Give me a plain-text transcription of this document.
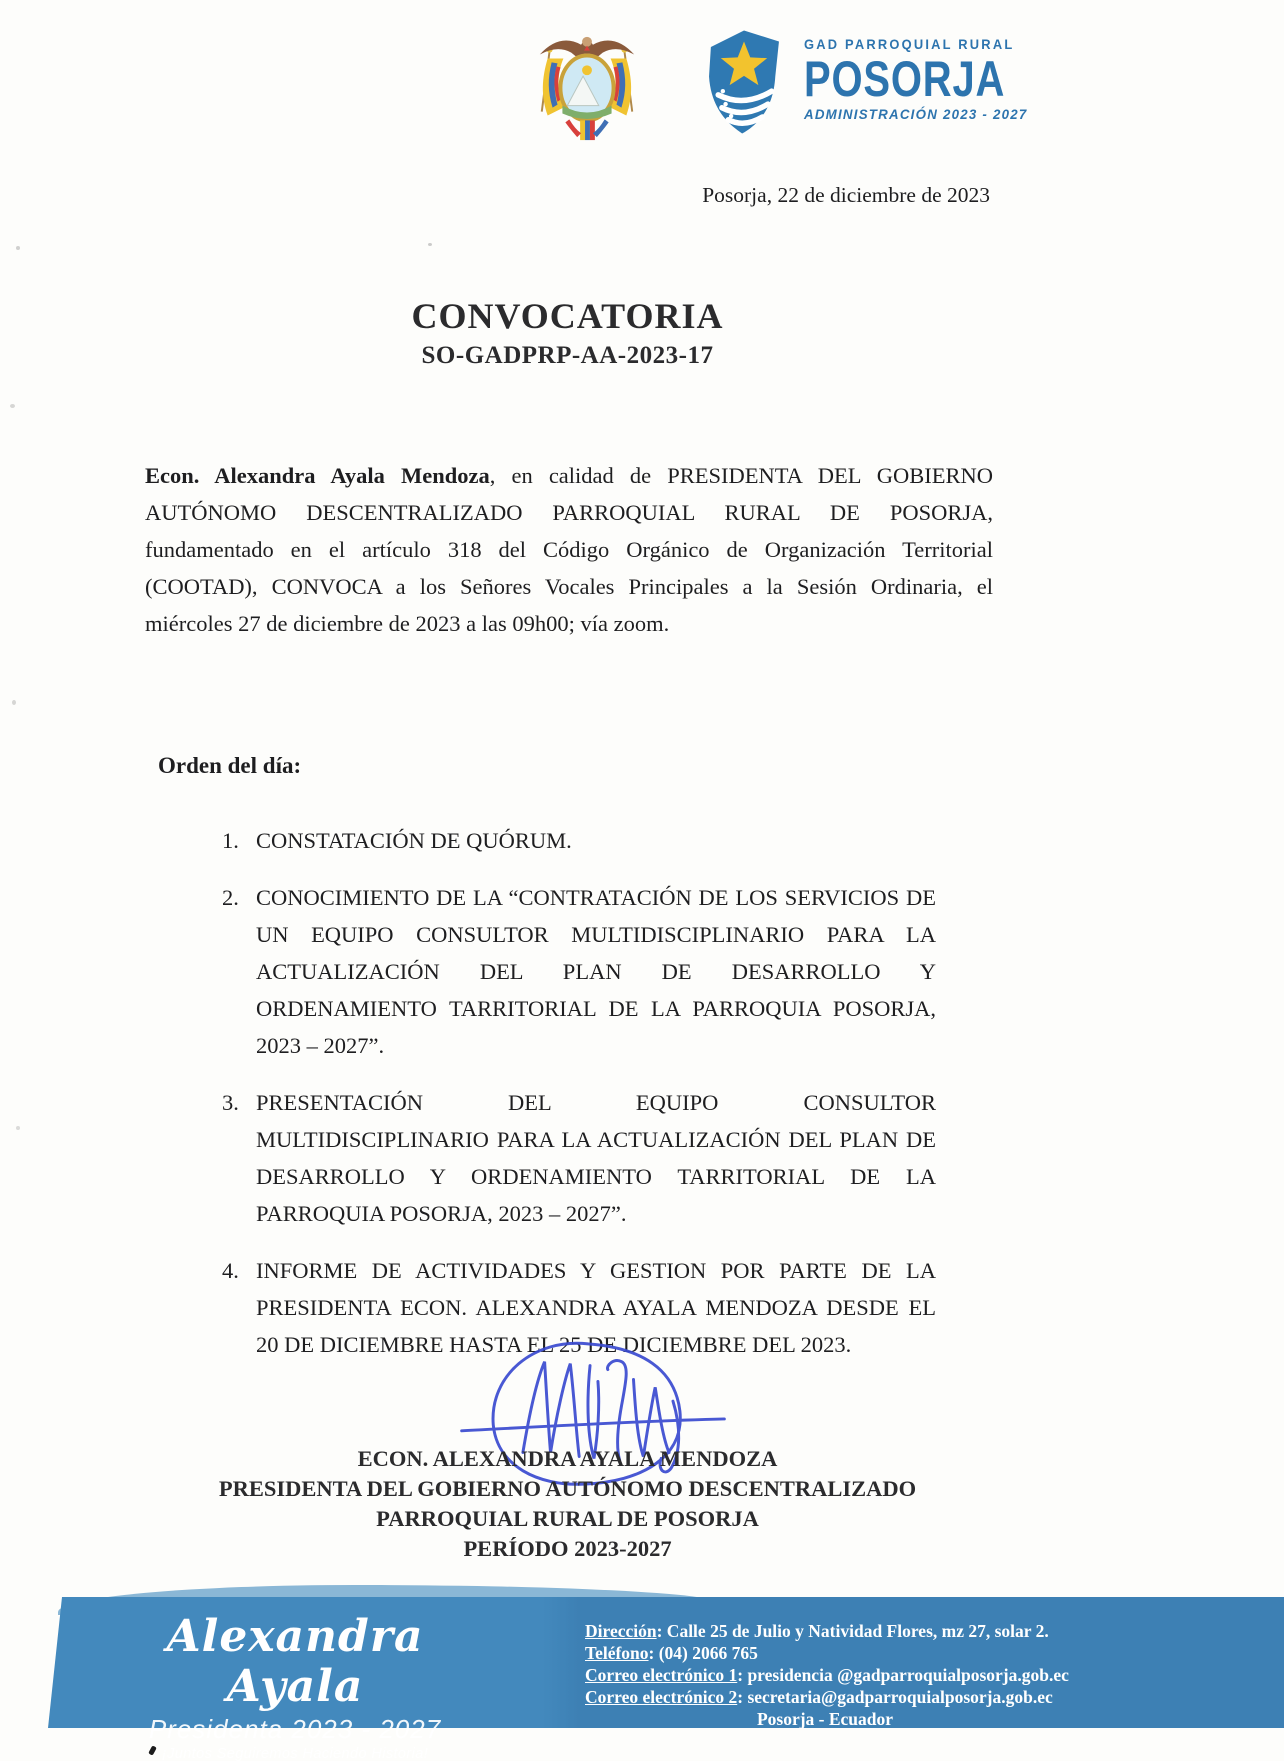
GAD PARROQUIAL RURAL
POSORJA
ADMINISTRACIÓN 2023 - 2027
Posorja, 22 de diciembre de 2023
CONVOCATORIA
SO-GADPRP-AA-2023-17
Econ. Alexandra Ayala Mendoza, en calidad de PRESIDENTA DEL GOBIERNO AUTÓNOMO DESCENTRALIZADO PARROQUIAL RURAL DE POSORJA, fundamentado en el artículo 318 del Código Orgánico de Organización Territorial (COOTAD), CONVOCA a los Señores Vocales Principales a la Sesión Ordinaria, el miércoles 27 de diciembre de 2023 a las 09h00; vía zoom.
Orden del día:
1. CONSTATACIÓN DE QUÓRUM.
2. CONOCIMIENTO DE LA “CONTRATACIÓN DE LOS SERVICIOS DE UN EQUIPO CONSULTOR MULTIDISCIPLINARIO PARA LA ACTUALIZACIÓN DEL PLAN DE DESARROLLO Y ORDENAMIENTO TARRITORIAL DE LA PARROQUIA POSORJA, 2023 – 2027”.
3. PRESENTACIÓN DEL EQUIPO CONSULTOR MULTIDISCIPLINARIO PARA LA ACTUALIZACIÓN DEL PLAN DE DESARROLLO Y ORDENAMIENTO TARRITORIAL DE LA PARROQUIA POSORJA, 2023 – 2027”.
4. INFORME DE ACTIVIDADES Y GESTION POR PARTE DE LA PRESIDENTA ECON. ALEXANDRA AYALA MENDOZA DESDE EL 20 DE DICIEMBRE HASTA EL 25 DE DICIEMBRE DEL 2023.
ECON. ALEXANDRA AYALA MENDOZA
PRESIDENTA DEL GOBIERNO AUTÓNOMO DESCENTRALIZADO
PARROQUIAL RURAL DE POSORJA
PERÍODO 2023-2027
Alexandra Ayala
Presidenta 2023 - 2027
¡Juntos Seguiremos Haciendo Historia!
Dirección: Calle 25 de Julio y Natividad Flores, mz 27, solar 2.
Teléfono: (04) 2066 765
Correo electrónico 1: presidencia @gadparroquialposorja.gob.ec
Correo electrónico 2: secretaria@gadparroquialposorja.gob.ec
Posorja - Ecuador
